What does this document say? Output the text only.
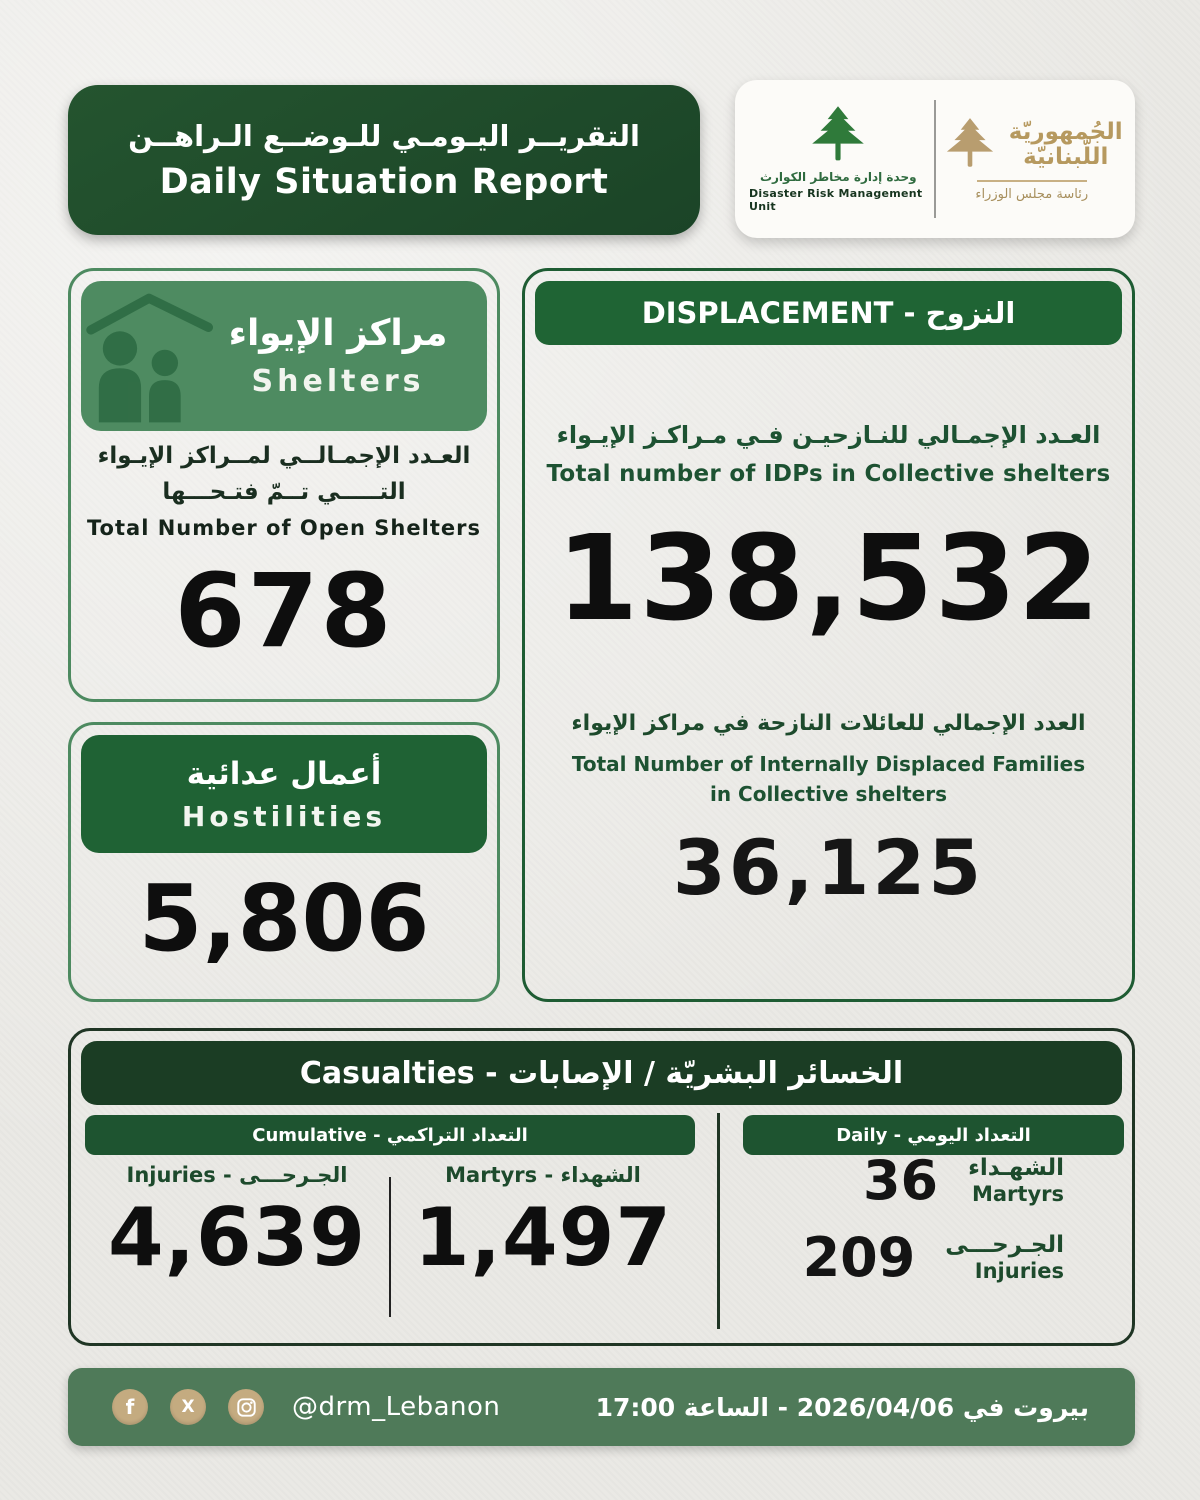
التقريــر اليـومـي للـوضــع الـراهــن
Daily Situation Report	وحدة إدارة مخاطر الكوارث
Disaster Risk Management Unit
الجُمهوريّة
اللّبنانيّة
رئاسة مجلس الوزراء
مراكز الإيواء
Shelters
العـدد الإجمـالــي لمــراكز الإيـواء
التـــــي تــمّ فتـحـــها
Total Number of Open Shelters
678
أعمال عدائية
Hostilities
5,806
النزوح - DISPLACEMENT
العـدد الإجمـالي للنـازحيـن فـي مـراكـز الإيـواء
Total number of IDPs in Collective shelters
138,532
العدد الإجمالي للعائلات النازحة في مراكز الإيواء
Total Number of Internally Displaced Families
in Collective shelters
36,125
الخسائر البشريّة / الإصابات - Casualties
التعداد التراكمي - Cumulative	التعداد اليومي - Daily
الجـرحـــى - Injuries
4,639
الشهداء - Martyrs
1,497
36 الشهـداء
Martyrs
209 الجـرحـــى
Injuries
f	X	@drm_Lebanon	بيروت في 2026/04/06 - الساعة 17:00
